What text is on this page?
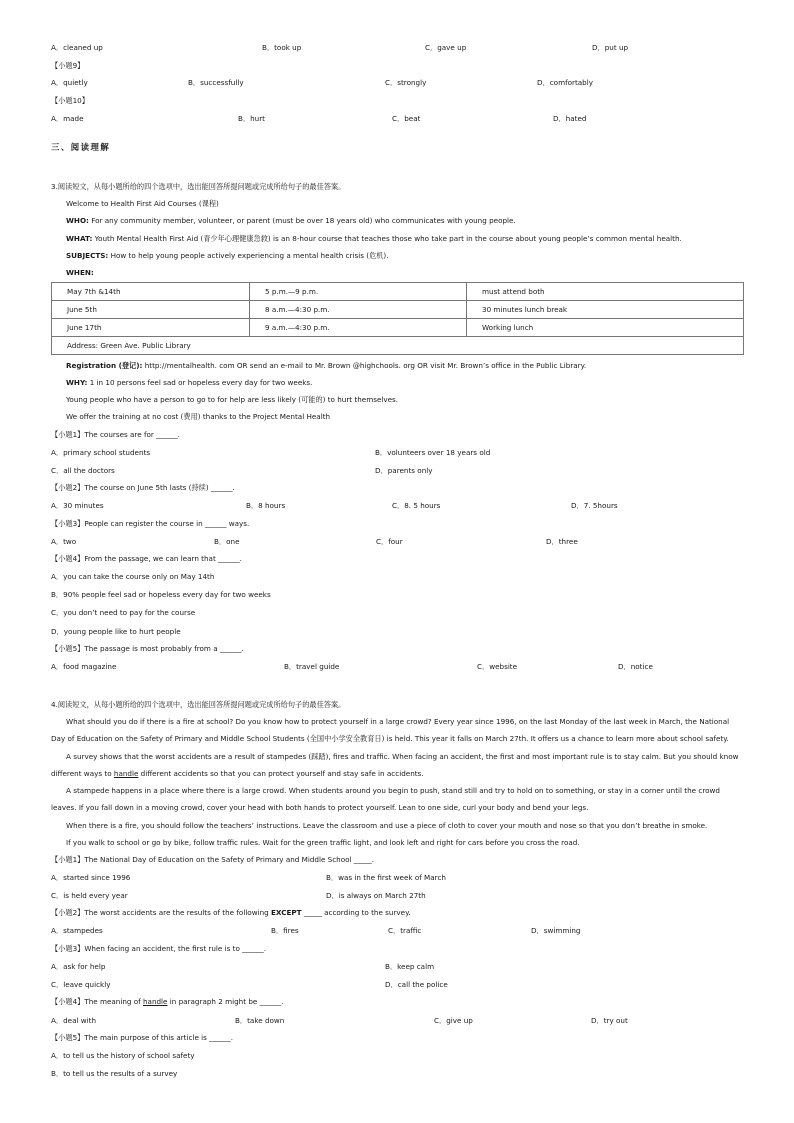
A．cleaned up	B．took up	C．gave up	D．put up
【小题9】
A．quietly	B．successfully	C．strongly	D．comfortably
【小题10】
A．made	B．hurt	C．beat	D．hated
三、阅读理解
3.阅读短文，从每小题所给的四个选项中，选出能回答所提问题或完成所给句子的最佳答案。
Welcome to Health First Aid Courses (课程)
WHO: For any community member, volunteer, or parent (must be over 18 years old) who communicates with young people.
WHAT: Youth Mental Health First Aid (青少年心理健康急救) is an 8-hour course that teaches those who take part in the course about young people’s common mental health.
SUBJECTS: How to help young people actively experiencing a mental health crisis (危机).
WHEN:
May 7th &14th	5 p.m.—9 p.m.	must attend both
June 5th	8 a.m.—4:30 p.m.	30 minutes lunch break
June 17th	9 a.m.—4:30 p.m.	Working lunch
Address: Green Ave. Public Library		
Registration (登记): http://mentalhealth. com OR send an e-mail to Mr. Brown @highchools. org OR visit Mr. Brown’s office in the Public Library.
WHY: 1 in 10 persons feel sad or hopeless every day for two weeks.
Young people who have a person to go to for help are less likely (可能的) to hurt themselves.
We offer the training at no cost (费用) thanks to the Project Mental Health
【小题1】The courses are for ______.
A．primary school students	B．volunteers over 18 years old
C．all the doctors	D．parents only
【小题2】The course on June 5th lasts (持续) ______.
A．30 minutes	B．8 hours	C．8. 5 hours	D．7. 5hours
【小题3】People can register the course in ______ ways.
A．two	B．one	C．four	D．three
【小题4】From the passage, we can learn that ______.
A．you can take the course only on May 14th
B．90% people feel sad or hopeless every day for two weeks
C．you don’t need to pay for the course
D．young people like to hurt people
【小题5】The passage is most probably from a ______.
A．food magazine	B．travel guide	C．website	D．notice
4.阅读短文，从每小题所给的四个选项中，选出能回答所提问题或完成所给句子的最佳答案。
What should you do if there is a fire at school? Do you know how to protect yourself in a large crowd? Every year since 1996, on the last Monday of the last week in March, the National Day of Education on the Safety of Primary and Middle School Students (全国中小学安全教育日) is held. This year it falls on March 27th. It offers us a chance to learn more about school safety.
A survey shows that the worst accidents are a result of stampedes (踩踏), fires and traffic. When facing an accident, the first and most important rule is to stay calm. But you should know different ways to handle different accidents so that you can protect yourself and stay safe in accidents.
A stampede happens in a place where there is a large crowd. When students around you begin to push, stand still and try to hold on to something, or stay in a corner until the crowd leaves. If you fall down in a moving crowd, cover your head with both hands to protect yourself. Lean to one side, curl your body and bend your legs.
When there is a fire, you should follow the teachers’ instructions. Leave the classroom and use a piece of cloth to cover your mouth and nose so that you don’t breathe in smoke.
If you walk to school or go by bike, follow traffic rules. Wait for the green traffic light, and look left and right for cars before you cross the road.
【小题1】The National Day of Education on the Safety of Primary and Middle School _____.
A．started since 1996	B．was in the first week of March
C．is held every year	D．is always on March 27th
【小题2】The worst accidents are the results of the following EXCEPT _____ according to the survey.
A．stampedes	B．fires	C．traffic	D．swimming
【小题3】When facing an accident, the first rule is to ______.
A．ask for help	B．keep calm
C．leave quickly	D．call the police
【小题4】The meaning of handle in paragraph 2 might be ______.
A．deal with	B．take down	C．give up	D．try out
【小题5】The main purpose of this article is ______.
A．to tell us the history of school safety
B．to tell us the results of a survey
